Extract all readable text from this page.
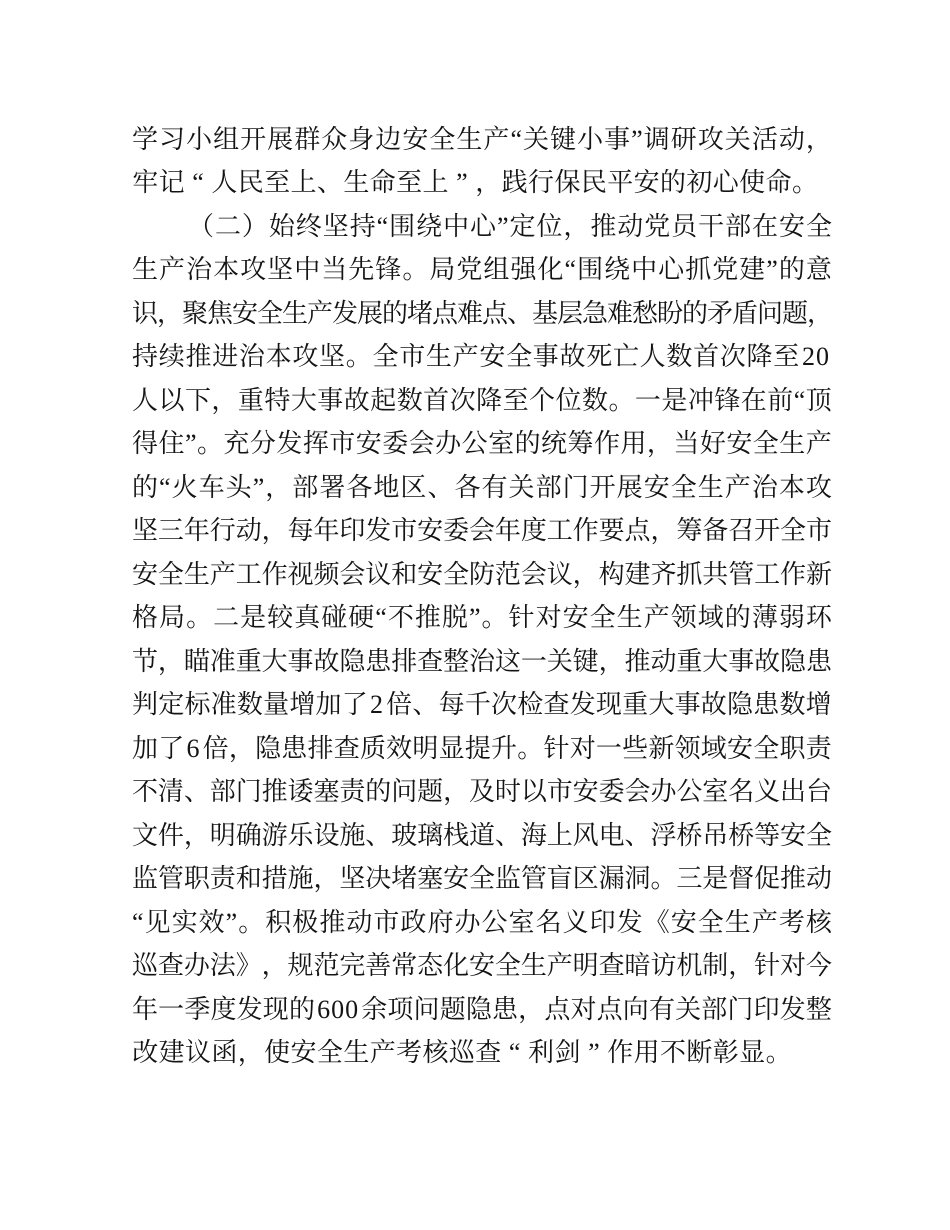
学 习 小 组 开 展 群 众 身 边 安 全 生 产 “ 关 键 小 事 ” 调 研 攻 关 活 动 ，
牢 记 “ 人 民 至 上 、 生 命 至 上 ” ， 践 行 保 民 平 安 的 初 心 使 命 。
（ 二 ） 始 终 坚 持 “ 围 绕 中 心 ” 定 位 ， 推 动 党 员 干 部 在 安 全
生 产 治 本 攻 坚 中 当 先 锋 。 局 党 组 强 化 “ 围 绕 中 心 抓 党 建 ” 的 意
识
，
聚
焦
安
全
生
产
发
展
的
堵
点
难
点
、
基
层
急
难
愁
盼
的
矛
盾
问
题
，
持 续 推 进 治 本 攻 坚 。 全 市 生 产 安 全 事 故 死 亡 人 数 首 次 降 至 20
人 以 下 ， 重 特 大 事 故 起 数 首 次 降 至 个 位 数 。 一 是 冲 锋 在 前 “ 顶
得 住 ” 。 充 分 发 挥 市 安 委 会 办 公 室 的 统 筹 作 用 ， 当 好 安 全 生 产
的 “ 火 车 头 ” ， 部 署 各 地 区 、 各 有 关 部 门 开 展 安 全 生 产 治 本 攻
坚 三 年 行 动 ， 每 年 印 发 市 安 委 会 年 度 工 作 要 点 ， 筹 备 召 开 全 市
安 全 生 产 工 作 视 频 会 议 和 安 全 防 范 会 议 ， 构 建 齐 抓 共 管 工 作 新
格 局 。 二 是 较 真 碰 硬 “ 不 推 脱 ” 。 针 对 安 全 生 产 领 域 的 薄 弱 环
节 ， 瞄 准 重 大 事 故 隐 患 排 查 整 治 这 一 关 键 ， 推 动 重 大 事 故 隐 患
判 定 标 准 数 量 增 加 了 2 倍 、 每 千 次 检 查 发 现 重 大 事 故 隐 患 数 增
加 了 6 倍 ， 隐 患 排 查 质 效 明 显 提 升 。 针 对 一 些 新 领 域 安 全 职 责
不 清 、 部 门 推 诿 塞 责 的 问 题 ， 及 时 以 市 安 委 会 办 公 室 名 义 出 台
文 件 ， 明 确 游 乐 设 施 、 玻 璃 栈 道 、 海 上 风 电 、 浮 桥 吊 桥 等 安 全
监 管 职 责 和 措 施 ， 坚 决 堵 塞 安 全 监 管 盲 区 漏 洞 。 三 是 督 促 推 动
“ 见 实 效 ” 。 积 极 推 动 市 政 府 办 公 室 名 义 印 发 《 安 全 生 产 考 核
巡 查 办 法 》 ， 规 范 完 善 常 态 化 安 全 生 产 明 查 暗 访 机 制 ， 针 对 今
年 一 季 度 发 现 的 600 余 项 问 题 隐 患 ， 点 对 点 向 有 关 部 门 印 发 整
改 建 议 函 ， 使 安 全 生 产 考 核 巡 查 “ 利 剑 ” 作 用 不 断 彰 显 。
